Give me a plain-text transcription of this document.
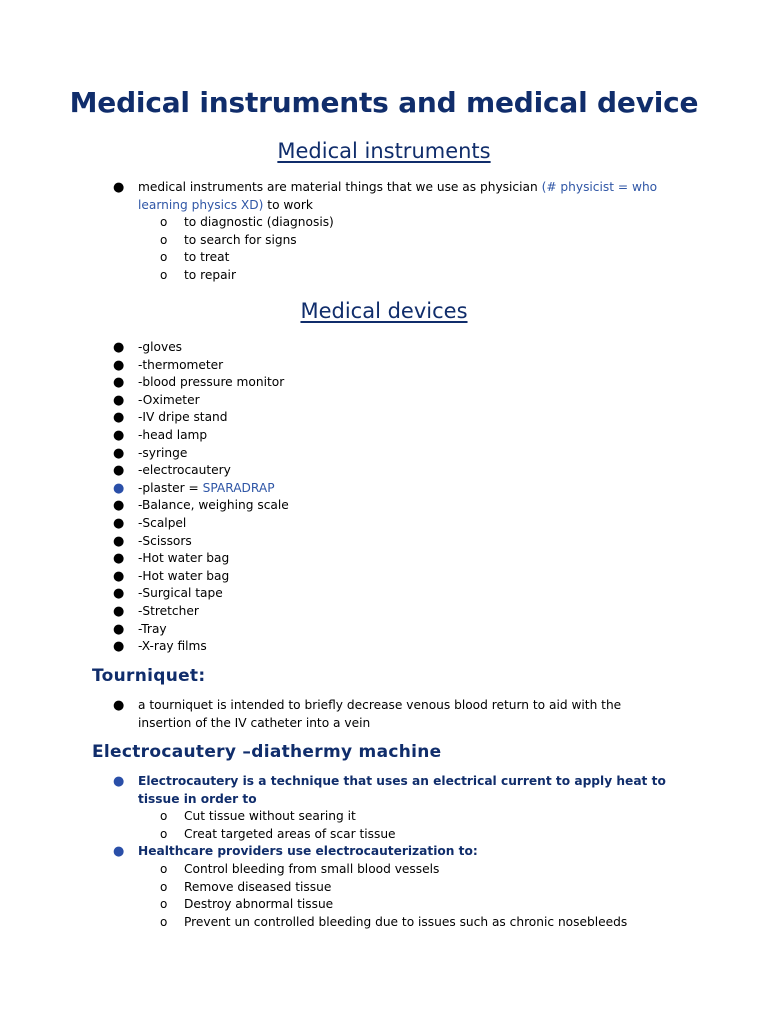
Medical instruments and medical device
Medical instruments
● medical instruments are material things that we use as physician (# physicist = who learning physics XD) to work
o to diagnostic (diagnosis)
o to search for signs
o to treat
o to repair
Medical devices
● -gloves
● -thermometer
● -blood pressure monitor
● -Oximeter
● -IV dripe stand
● -head lamp
● -syringe
● -electrocautery
● -plaster = SPARADRAP
● -Balance, weighing scale
● -Scalpel
● -Scissors
● -Hot water bag
● -Hot water bag
● -Surgical tape
● -Stretcher
● -Tray
● -X-ray films
Tourniquet:
● a tourniquet is intended to briefly decrease venous blood return to aid with the insertion of the IV catheter into a vein
Electrocautery –diathermy machine
● Electrocautery is a technique that uses an electrical current to apply heat to tissue in order to
o Cut tissue without searing it
o Creat targeted areas of scar tissue
● Healthcare providers use electrocauterization to:
o Control bleeding from small blood vessels
o Remove diseased tissue
o Destroy abnormal tissue
o Prevent un controlled bleeding due to issues such as chronic nosebleeds
